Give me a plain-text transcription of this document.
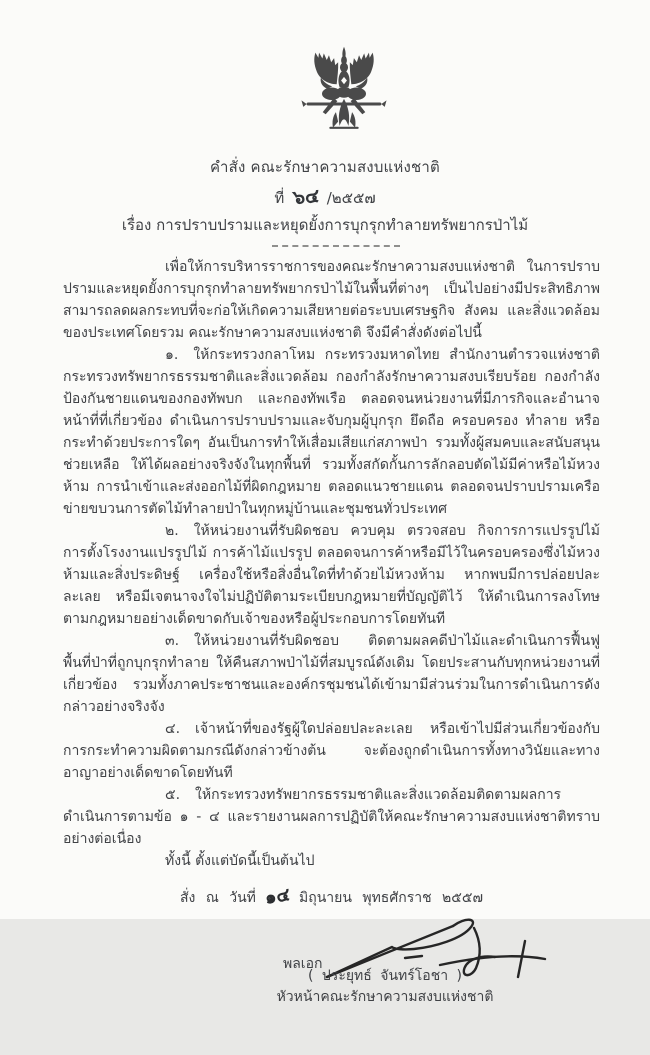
คำสั่ง คณะรักษาความสงบแห่งชาติ
ที่ ๖๔ /๒๕๕๗
เรื่อง การปราบปรามและหยุดยั้งการบุกรุกทำลายทรัพยากรป่าไม้

เพื่อให้การบริหารราชการของคณะรักษาความสงบแห่งชาติ ในการปราบปรามและหยุดยั้งการบุกรุกทำลายทรัพยากรป่าไม้ในพื้นที่ต่างๆ เป็นไปอย่างมีประสิทธิภาพ สามารถลดผลกระทบที่จะก่อให้เกิดความเสียหายต่อระบบเศรษฐกิจ สังคม และสิ่งแวดล้อม ของประเทศโดยรวม คณะรักษาความสงบแห่งชาติ จึงมีคำสั่งดังต่อไปนี้

๑. ให้กระทรวงกลาโหม กระทรวงมหาดไทย สำนักงานตำรวจแห่งชาติ กระทรวงทรัพยากรธรรมชาติและสิ่งแวดล้อม กองกำลังรักษาความสงบเรียบร้อย กองกำลังป้องกันชายแดนของกองทัพบก และกองทัพเรือ ตลอดจนหน่วยงานที่มีภารกิจและอำนาจหน้าที่ที่เกี่ยวข้อง ดำเนินการปราบปรามและจับกุมผู้บุกรุก ยึดถือ ครอบครอง ทำลาย หรือกระทำด้วยประการใดๆ อันเป็นการทำให้เสื่อมเสียแก่สภาพป่า รวมทั้งผู้สมคบและสนับสนุนช่วยเหลือ ให้ได้ผลอย่างจริงจังในทุกพื้นที่ รวมทั้งสกัดกั้นการลักลอบตัดไม้มีค่าหรือไม้หวงห้าม การนำเข้าและส่งออกไม้ที่ผิดกฎหมาย ตลอดแนวชายแดน ตลอดจนปราบปรามเครือข่ายขบวนการตัดไม้ทำลายป่าในทุกหมู่บ้านและชุมชนทั่วประเทศ

๒. ให้หน่วยงานที่รับผิดชอบ ควบคุม ตรวจสอบ กิจการการแปรรูปไม้ การตั้งโรงงานแปรรูปไม้ การค้าไม้แปรรูป ตลอดจนการค้าหรือมีไว้ในครอบครองซึ่งไม้หวงห้ามและสิ่งประดิษฐ์ เครื่องใช้หรือสิ่งอื่นใดที่ทำด้วยไม้หวงห้าม หากพบมีการปล่อยปละละเลย หรือมีเจตนาจงใจไม่ปฏิบัติตามระเบียบกฎหมายที่บัญญัติไว้ ให้ดำเนินการลงโทษตามกฎหมายอย่างเด็ดขาดกับเจ้าของหรือผู้ประกอบการโดยทันที

๓. ให้หน่วยงานที่รับผิดชอบ ติดตามผลคดีป่าไม้และดำเนินการฟื้นฟูพื้นที่ป่าที่ถูกบุกรุกทำลาย ให้คืนสภาพป่าไม้ที่สมบูรณ์ดังเดิม โดยประสานกับทุกหน่วยงานที่เกี่ยวข้อง รวมทั้งภาคประชาชนและองค์กรชุมชนได้เข้ามามีส่วนร่วมในการดำเนินการดังกล่าวอย่างจริงจัง

๔. เจ้าหน้าที่ของรัฐผู้ใดปล่อยปละละเลย หรือเข้าไปมีส่วนเกี่ยวข้องกับการกระทำความผิดตามกรณีดังกล่าวข้างต้น จะต้องถูกดำเนินการทั้งทางวินัยและทางอาญาอย่างเด็ดขาดโดยทันที

๕. ให้กระทรวงทรัพยากรธรรมชาติและสิ่งแวดล้อมติดตามผลการดำเนินการตามข้อ ๑ - ๔ และรายงานผลการปฏิบัติให้คณะรักษาความสงบแห่งชาติทราบอย่างต่อเนื่อง

ทั้งนี้ ตั้งแต่บัดนี้เป็นต้นไป

สั่ง ณ วันที่ ๑๔ มิถุนายน พุทธศักราช ๒๕๕๗
พลเอก
( ประยุทธ์ จันทร์โอชา )
หัวหน้าคณะรักษาความสงบแห่งชาติ
